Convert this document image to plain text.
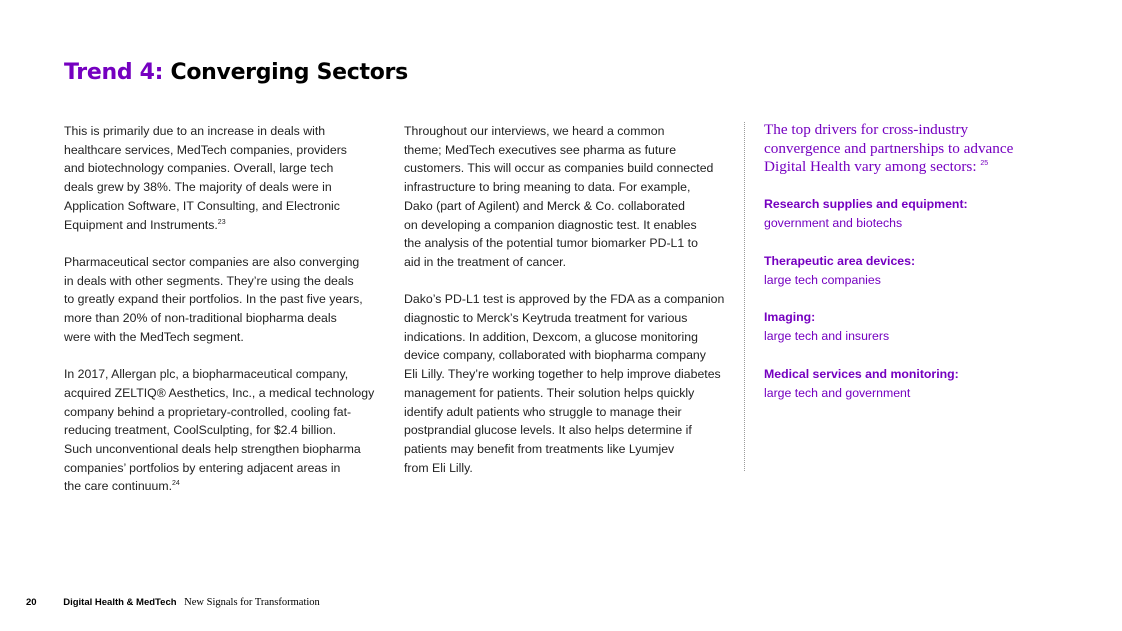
Trend 4: Converging Sectors

This is primarily due to an increase in deals with
healthcare services, MedTech companies, providers
and biotechnology companies. Overall, large tech
deals grew by 38%. The majority of deals were in
Application Software, IT Consulting, and Electronic
Equipment and Instruments.$^{23}$

Pharmaceutical sector companies are also converging
in deals with other segments. They’re using the deals
to greatly expand their portfolios. In the past five years,
more than 20% of non-traditional biopharma deals
were with the MedTech segment.

In 2017, Allergan plc, a biopharmaceutical company,
acquired ZELTIQ® Aesthetics, Inc., a medical technology
company behind a proprietary-controlled, cooling fat-
reducing treatment, CoolSculpting, for $2.4 billion.
Such unconventional deals help strengthen biopharma
companies’ portfolios by entering adjacent areas in
the care continuum.$^{24}$

Throughout our interviews, we heard a common
theme; MedTech executives see pharma as future
customers. This will occur as companies build connected
infrastructure to bring meaning to data. For example,
Dako (part of Agilent) and Merck & Co. collaborated
on developing a companion diagnostic test. It enables
the analysis of the potential tumor biomarker PD-L1 to
aid in the treatment of cancer.

Dako’s PD-L1 test is approved by the FDA as a companion
diagnostic to Merck’s Keytruda treatment for various
indications. In addition, Dexcom, a glucose monitoring
device company, collaborated with biopharma company
Eli Lilly. They’re working together to help improve diabetes
management for patients. Their solution helps quickly
identify adult patients who struggle to manage their
postprandial glucose levels. It also helps determine if
patients may benefit from treatments like Lyumjev
from Eli Lilly.

The top drivers for cross-industry
convergence and partnerships to advance
Digital Health vary among sectors: $^{25}$

Research supplies and equipment:
government and biotechs
Therapeutic area devices:
large tech companies
Imaging:
large tech and insurers
Medical services and monitoring:
large tech and government
20	Digital Health & MedTech New Signals for Transformation
